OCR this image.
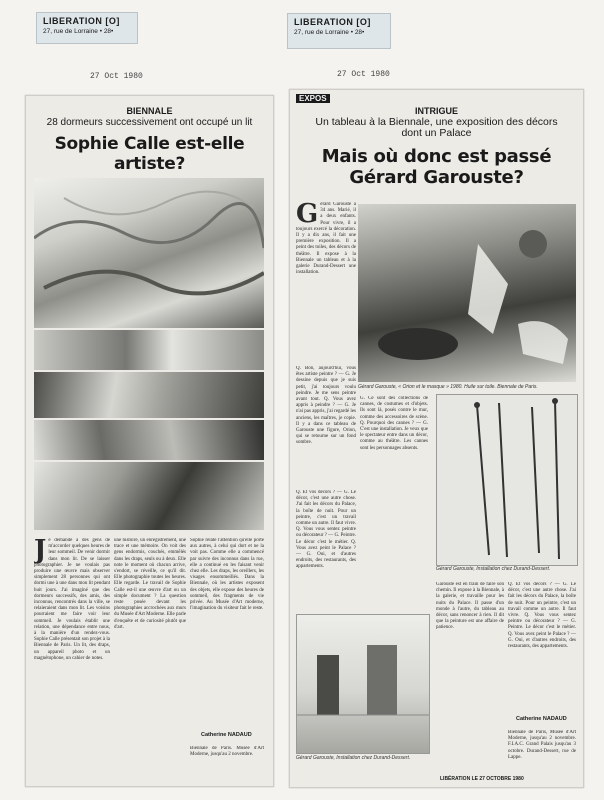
LIBERATION [O]
27, rue de Lorraine • 28•
27 Oct 1980
BIENNALE
28 dormeurs successivement ont occupé un lit
Sophie Calle est-elle
artiste?
Je demandé à des gens de m'accorder quelques heures de leur sommeil. De venir dormir dans mon lit. De se laisser photographier. Je ne voulais pas produire une œuvre mais observer simplement 28 personnes qui ont dormi une à une dans mon lit pendant huit jours. J'ai imaginé que des dormeurs successifs, des amis, des inconnus, rencontrés dans la ville, se relaieraient dans mon lit. Les voisins pourraient me faire voir leur sommeil. Je voulais établir une relation, une dépendance entre nous, à la manière d'un rendez-vous. Sophie Calle présentait son projet à la Biennale de Paris. Un lit, des draps, un appareil photo et un magnétophone, un cahier de notes.
une histoire, un enregistrement, une trace et une mémoire. On voit des gens endormis, couchés, emmêlés dans les draps, seuls ou à deux. Elle note le moment où chacun arrive, s'endort, se réveille, ce qu'il dit. Elle photographie toutes les heures. Elle regarde. Le travail de Sophie Calle est-il une œuvre d'art ou un simple document ? La question reste posée devant les photographies accrochées aux murs du Musée d'Art Moderne. Elle parle d'enquête et de curiosité plutôt que d'art.
Sophie relate l'attention qu'elle porte aux autres, à celui qui dort et ne la voit pas. Comme elle a commencé par suivre des inconnus dans la rue, elle a continué en les faisant venir chez elle. Les draps, les oreillers, les visages ensommeillés. Dans la Biennale, où les artistes exposent des objets, elle expose des heures de sommeil, des fragments de vie privée. Au Musée d'Art moderne, l'imagination du visiteur fait le reste.
Catherine NADAUD
Biennale de Paris. Musée d'Art Moderne, jusqu'au 2 novembre.
LIBERATION [O]
27, rue de Lorraine • 28•
27 Oct 1980
EXPOS
INTRIGUE
Un tableau à la Biennale, une exposition des décors
dont un Palace
Mais où donc est passé
Gérard Garouste?
Gérard Garouste a 34 ans. Marié, il a deux enfants. Pour vivre, il a toujours exercé la décoration. Il y a dix ans, il fait une première exposition. Il a peint des toiles, des décors de théâtre. Il expose à la Biennale un tableau et à la galerie Durand-Dessert une installation.
Gérard Garouste, « Orion et le masque » 1980. Huile sur toile. Biennale de Paris.
Q. Bon, aujourd'hui, vous êtes artiste peintre ? — G. Je dessine depuis que je suis petit, j'ai toujours voulu peindre. Je me sens peintre avant tout. Q. Vous avez appris à peindre ? — G. Je n'ai pas appris, j'ai regardé les anciens, les maîtres, je copie. Il y a dans ce tableau de Garouste une figure, Orion, qui se retourne sur un fond sombre.
Q. Et vos décors ? — G. Le décor, c'est une autre chose. J'ai fait les décors du Palace, la boîte de nuit. Pour un peintre, c'est un travail comme un autre. Il faut vivre. Q. Vous vous sentez peintre ou décorateur ? — G. Peintre. Le décor c'est le métier. Q. Vous avez peint le Palace ? — G. Oui, et d'autres endroits, des restaurants, des appartements.
G. Ce sont des collections de cannes, de costumes et d'objets. Ils sont là, posés contre le mur, comme des accessoires de scène. Q. Pourquoi des cannes ? — G. C'est une installation. Je veux que le spectateur entre dans un décor, comme au théâtre. Les cannes sont les personnages absents.
Gérard Garouste, Installation chez Durand-Dessert.
Gérard Garouste, Installation chez Durand-Dessert.
Garouste est en train de faire son chemin. Il expose à la Biennale, à la galerie, et travaille pour les nuits du Palace. Il passe d'un monde à l'autre, du tableau au décor, sans renoncer à rien. Il dit que la peinture est une affaire de patience.
Q. Et vos décors ? — G. Le décor, c'est une autre chose. J'ai fait les décors du Palace, la boîte de nuit. Pour un peintre, c'est un travail comme un autre. Il faut vivre. Q. Vous vous sentez peintre ou décorateur ? — G. Peintre. Le décor c'est le métier. Q. Vous avez peint le Palace ? — G. Oui, et d'autres endroits, des restaurants, des appartements.
Catherine NADAUD
Biennale de Paris, Musée d'Art Moderne, jusqu'au 2 novembre. F.I.A.C. Grand Palais jusqu'au 3 octobre. Durand-Dessert, rue de Lappe.
LIBÉRATION LE 27 OCTOBRE 1980
